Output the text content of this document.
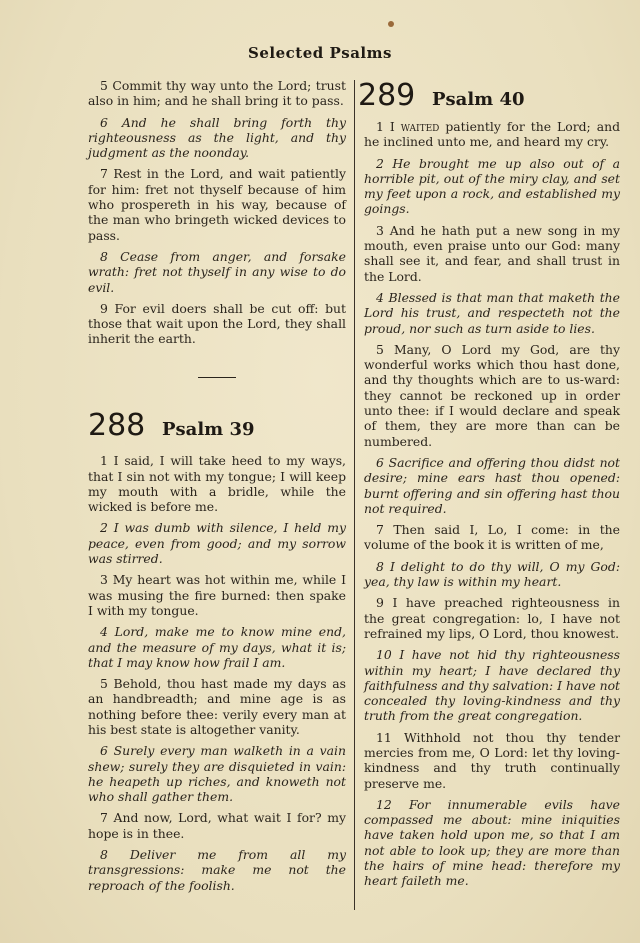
Selected Psalms

5 Commit thy way unto the Lord; trust also in him; and he shall bring it to pass.

6 And he shall bring forth thy righteousness as the light, and thy judgment as the noonday.

7 Rest in the Lord, and wait patiently for him: fret not thyself because of him who prospereth in his way, because of the man who bringeth wicked devices to pass.

8 Cease from anger, and forsake wrath: fret not thyself in any wise to do evil.

9 For evil doers shall be cut off: but those that wait upon the Lord, they shall inherit the earth.

288 Psalm 39

1 I said, I will take heed to my ways, that I sin not with my tongue; I will keep my mouth with a bridle, while the wicked is before me.

2 I was dumb with silence, I held my peace, even from good; and my sorrow was stirred.

3 My heart was hot within me, while I was musing the fire burned: then spake I with my tongue.

4 Lord, make me to know mine end, and the measure of my days, what it is; that I may know how frail I am.

5 Behold, thou hast made my days as an handbreadth; and mine age is as nothing before thee: verily every man at his best state is altogether vanity.

6 Surely every man walketh in a vain shew; surely they are disquieted in vain: he heapeth up riches, and knoweth not who shall gather them.

7 And now, Lord, what wait I for? my hope is in thee.

8 Deliver me from all my transgressions: make me not the reproach of the foolish.

289 Psalm 40

1 I waited patiently for the Lord; and he inclined unto me, and heard my cry.

2 He brought me up also out of a horrible pit, out of the miry clay, and set my feet upon a rock, and established my goings.

3 And he hath put a new song in my mouth, even praise unto our God: many shall see it, and fear, and shall trust in the Lord.

4 Blessed is that man that maketh the Lord his trust, and respecteth not the proud, nor such as turn aside to lies.

5 Many, O Lord my God, are thy wonderful works which thou hast done, and thy thoughts which are to us-ward: they cannot be reckoned up in order unto thee: if I would declare and speak of them, they are more than can be numbered.

6 Sacrifice and offering thou didst not desire; mine ears hast thou opened: burnt offering and sin offering hast thou not required.

7 Then said I, Lo, I come: in the volume of the book it is written of me,

8 I delight to do thy will, O my God: yea, thy law is within my heart.

9 I have preached righteousness in the great congregation: lo, I have not refrained my lips, O Lord, thou knowest.

10 I have not hid thy righteousness within my heart; I have declared thy faithfulness and thy salvation: I have not concealed thy loving-kindness and thy truth from the great congregation.

11 Withhold not thou thy tender mercies from me, O Lord: let thy loving-kindness and thy truth continually preserve me.

12 For innumerable evils have compassed me about: mine iniquities have taken hold upon me, so that I am not able to look up; they are more than the hairs of mine head: therefore my heart faileth me.
